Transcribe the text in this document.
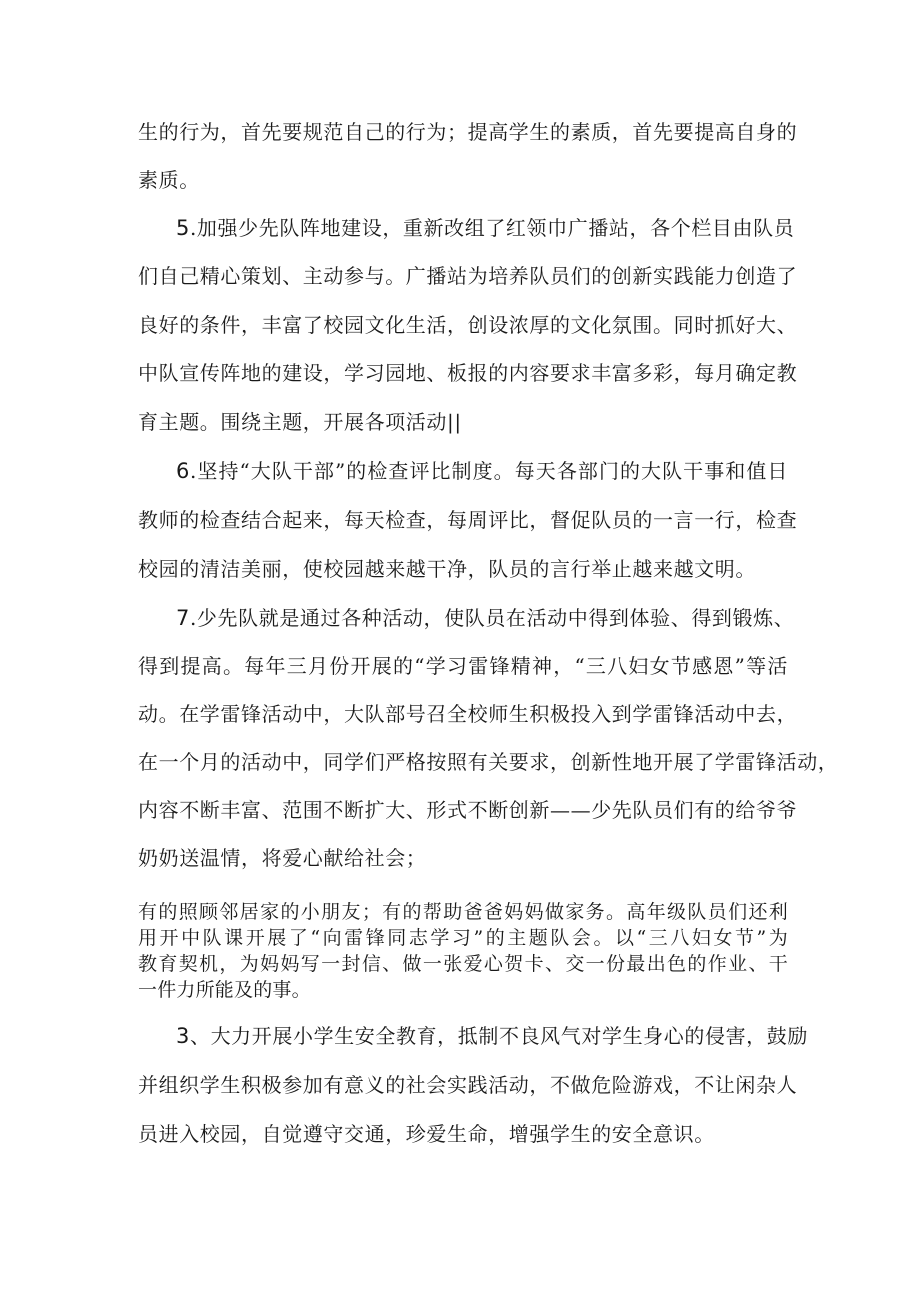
生的行为，首先要规范自己的行为；提高学生的素质，首先要提高自身的

素质。

5.加强少先队阵地建设，重新改组了红领巾广播站，各个栏目由队员

们自己精心策划、主动参与。广播站为培养队员们的创新实践能力创造了

良好的条件，丰富了校园文化生活，创设浓厚的文化氛围。同时抓好大、

中队宣传阵地的建设，学习园地、板报的内容要求丰富多彩，每月确定教

育主题。围绕主题，开展各项活动||

6.坚持“大队干部”的检查评比制度。每天各部门的大队干事和值日

教师的检查结合起来，每天检查，每周评比，督促队员的一言一行，检查

校园的清洁美丽，使校园越来越干净，队员的言行举止越来越文明。

7.少先队就是通过各种活动，使队员在活动中得到体验、得到锻炼、

得到提高。每年三月份开展的“学习雷锋精神，“三八妇女节感恩”等活

动。在学雷锋活动中，大队部号召全校师生积极投入到学雷锋活动中去，

在一个月的活动中，同学们严格按照有关要求，创新性地开展了学雷锋活动，

内容不断丰富、范围不断扩大、形式不断创新——少先队员们有的给爷爷

奶奶送温情，将爱心献给社会；

有的照顾邻居家的小朋友；有的帮助爸爸妈妈做家务。高年级队员们还利

用开中队课开展了“向雷锋同志学习”的主题队会。以“三八妇女节”为

教育契机，为妈妈写一封信、做一张爱心贺卡、交一份最出色的作业、干

一件力所能及的事。

3、大力开展小学生安全教育，抵制不良风气对学生身心的侵害，鼓励

并组织学生积极参加有意义的社会实践活动，不做危险游戏，不让闲杂人

员进入校园，自觉遵守交通，珍爱生命，增强学生的安全意识。
